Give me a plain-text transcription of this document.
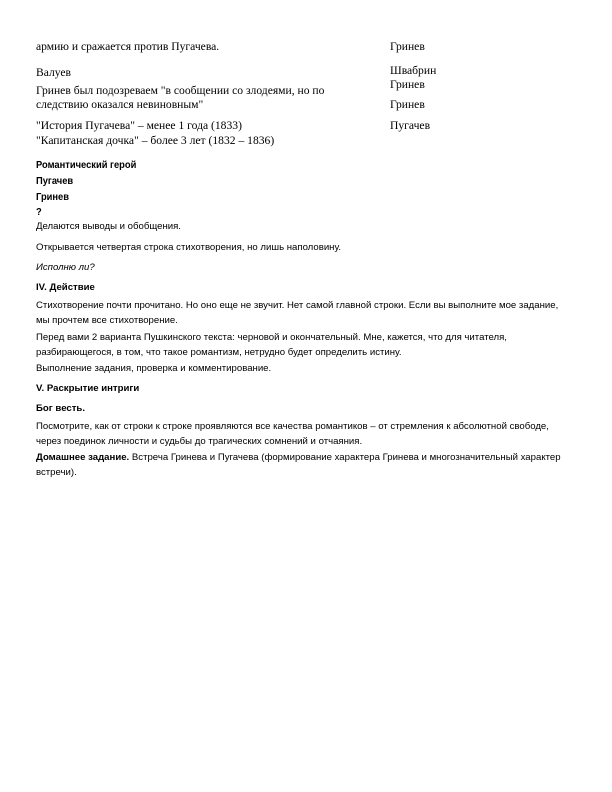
армию и сражается против Пугачева.	Гринев
Валуев	Швабрин
Гринев был подозреваем "в сообщении со злодеями, но по	Гринев
следствию оказался невиновным"	Гринев
"История Пугачева" – менее 1 года (1833)	Пугачев
"Капитанская дочка" – более 3 лет (1832 – 1836)
Романтический герой
Пугачев
Гринев
?
Делаются выводы и обобщения.
Открывается четвертая строка стихотворения, но лишь наполовину.
Исполню ли?
IV. Действие
Стихотворение почти прочитано. Но оно еще не звучит. Нет самой главной строки. Если вы выполните мое задание, мы прочтем все стихотворение.
Перед вами 2 варианта Пушкинского текста: черновой и окончательный. Мне, кажется, что для читателя, разбирающегося, в том, что такое романтизм, нетрудно будет определить истину.
Выполнение задания, проверка и комментирование.
V. Раскрытие интриги
Бог весть.
Посмотрите, как от строки к строке проявляются все качества романтиков – от стремления к абсолютной свободе, через поединок личности и судьбы до трагических сомнений и отчаяния.
Домашнее задание. Встреча Гринева и Пугачева (формирование характера Гринева и многозначительный характер встречи).
